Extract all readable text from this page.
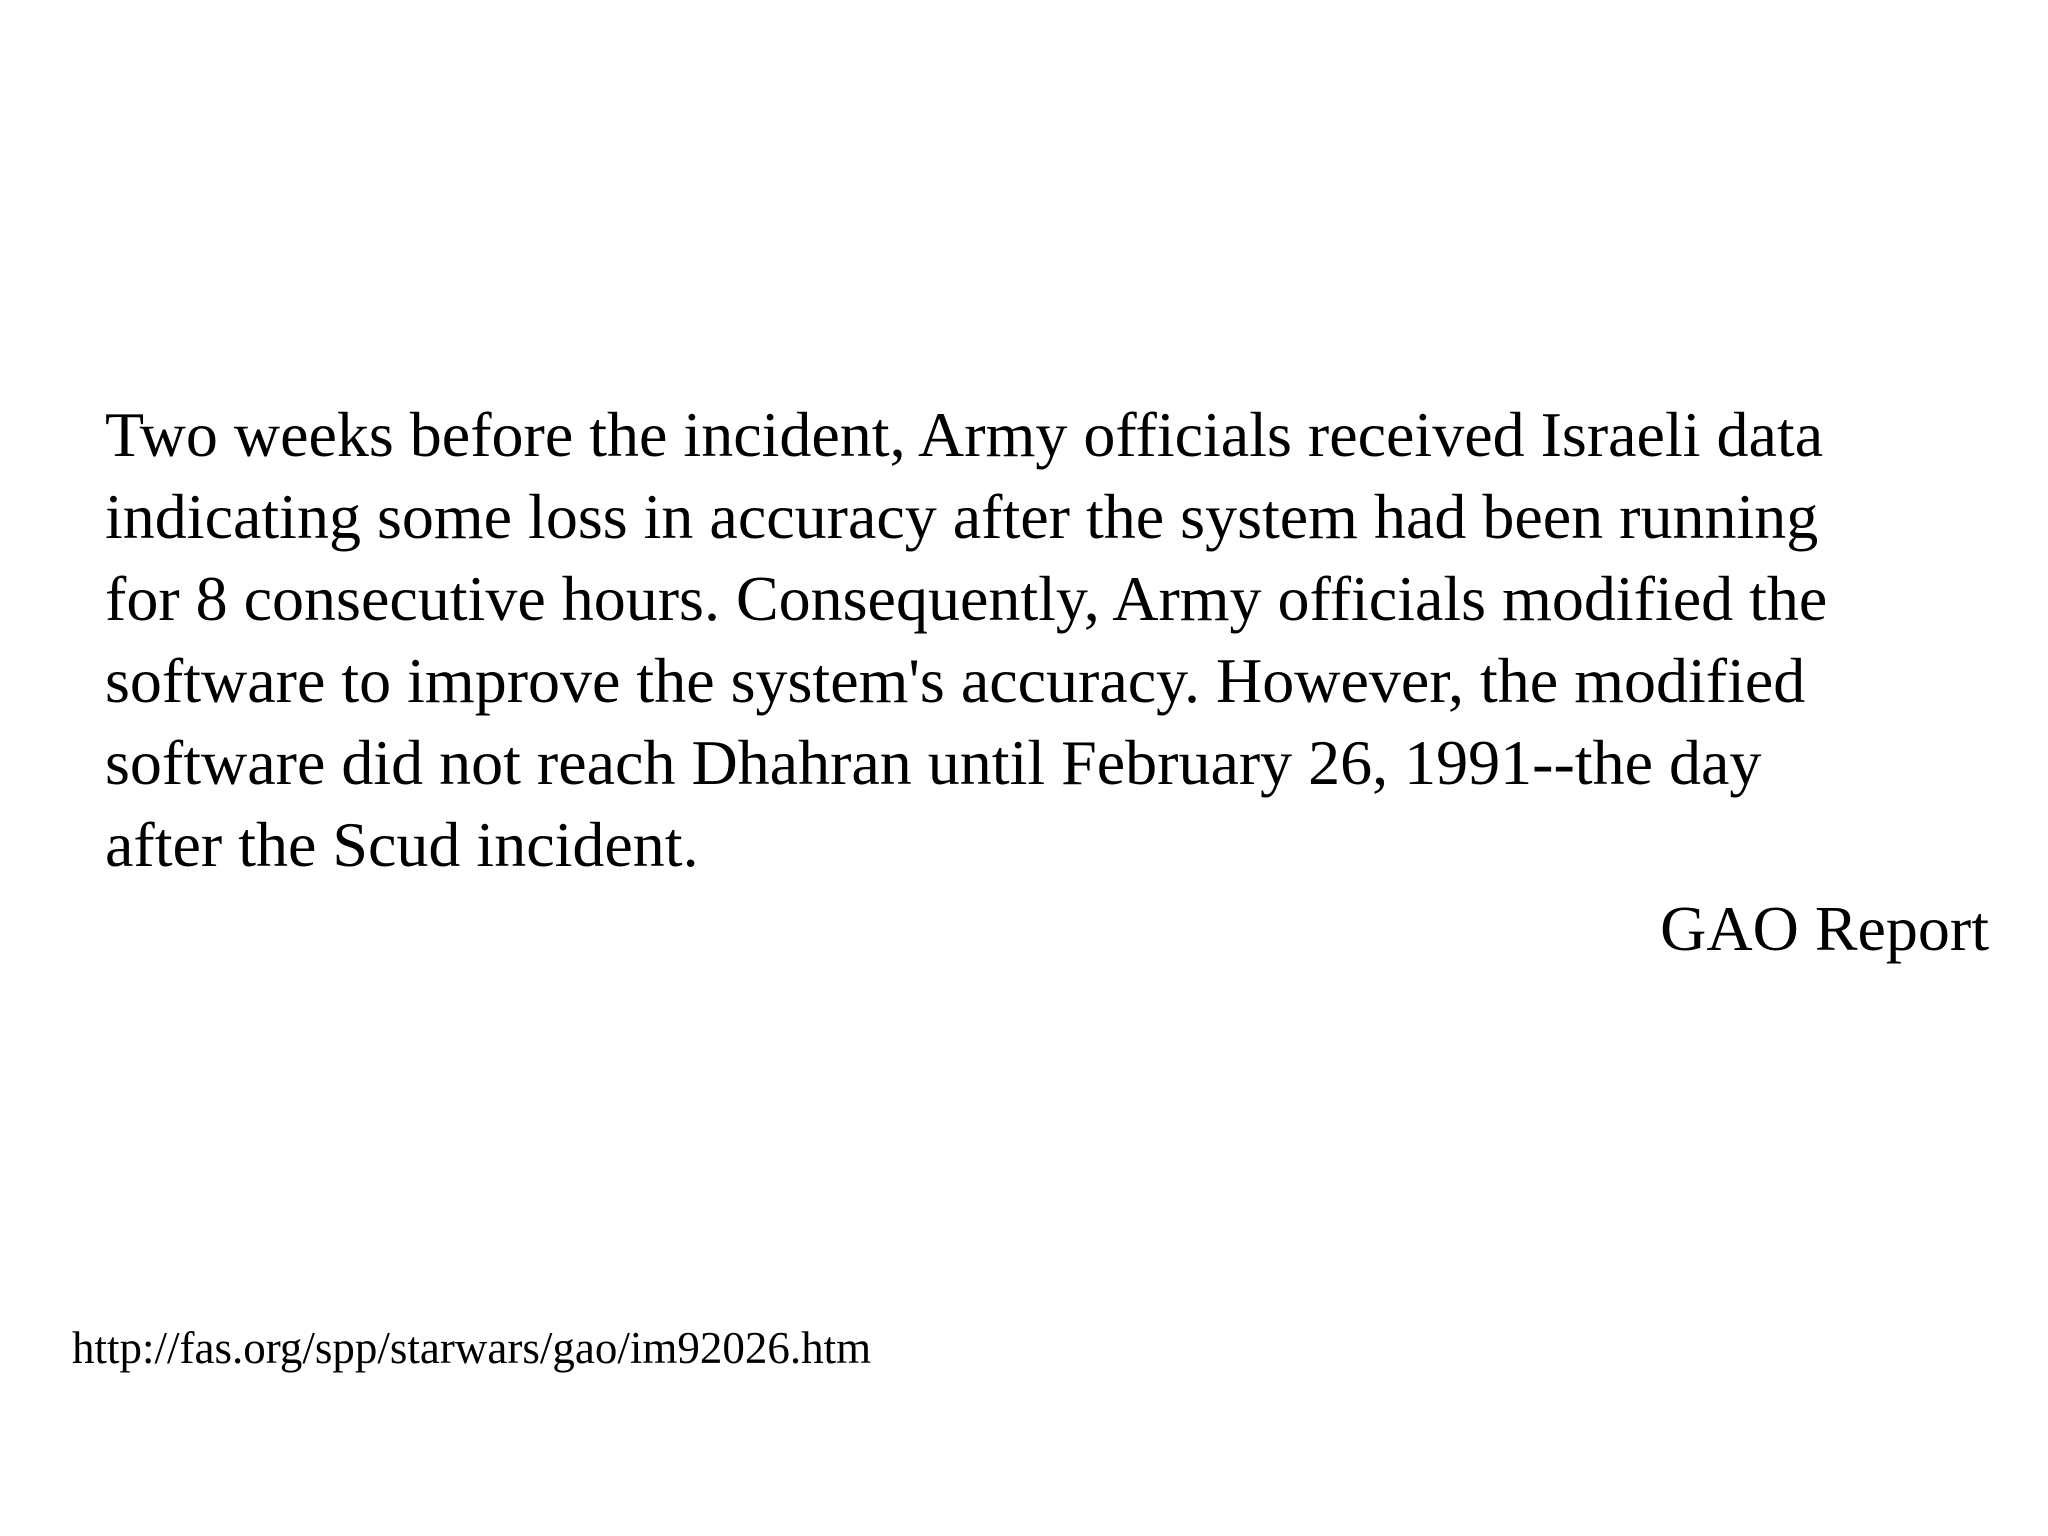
Two weeks before the incident, Army officials received Israeli data

indicating some loss in accuracy after the system had been running

for 8 consecutive hours. Consequently, Army officials modified the

software to improve the system's accuracy. However, the modified

software did not reach Dhahran until February 26, 1991--the day

after the Scud incident.

GAO Report

http://fas.org/spp/starwars/gao/im92026.htm
